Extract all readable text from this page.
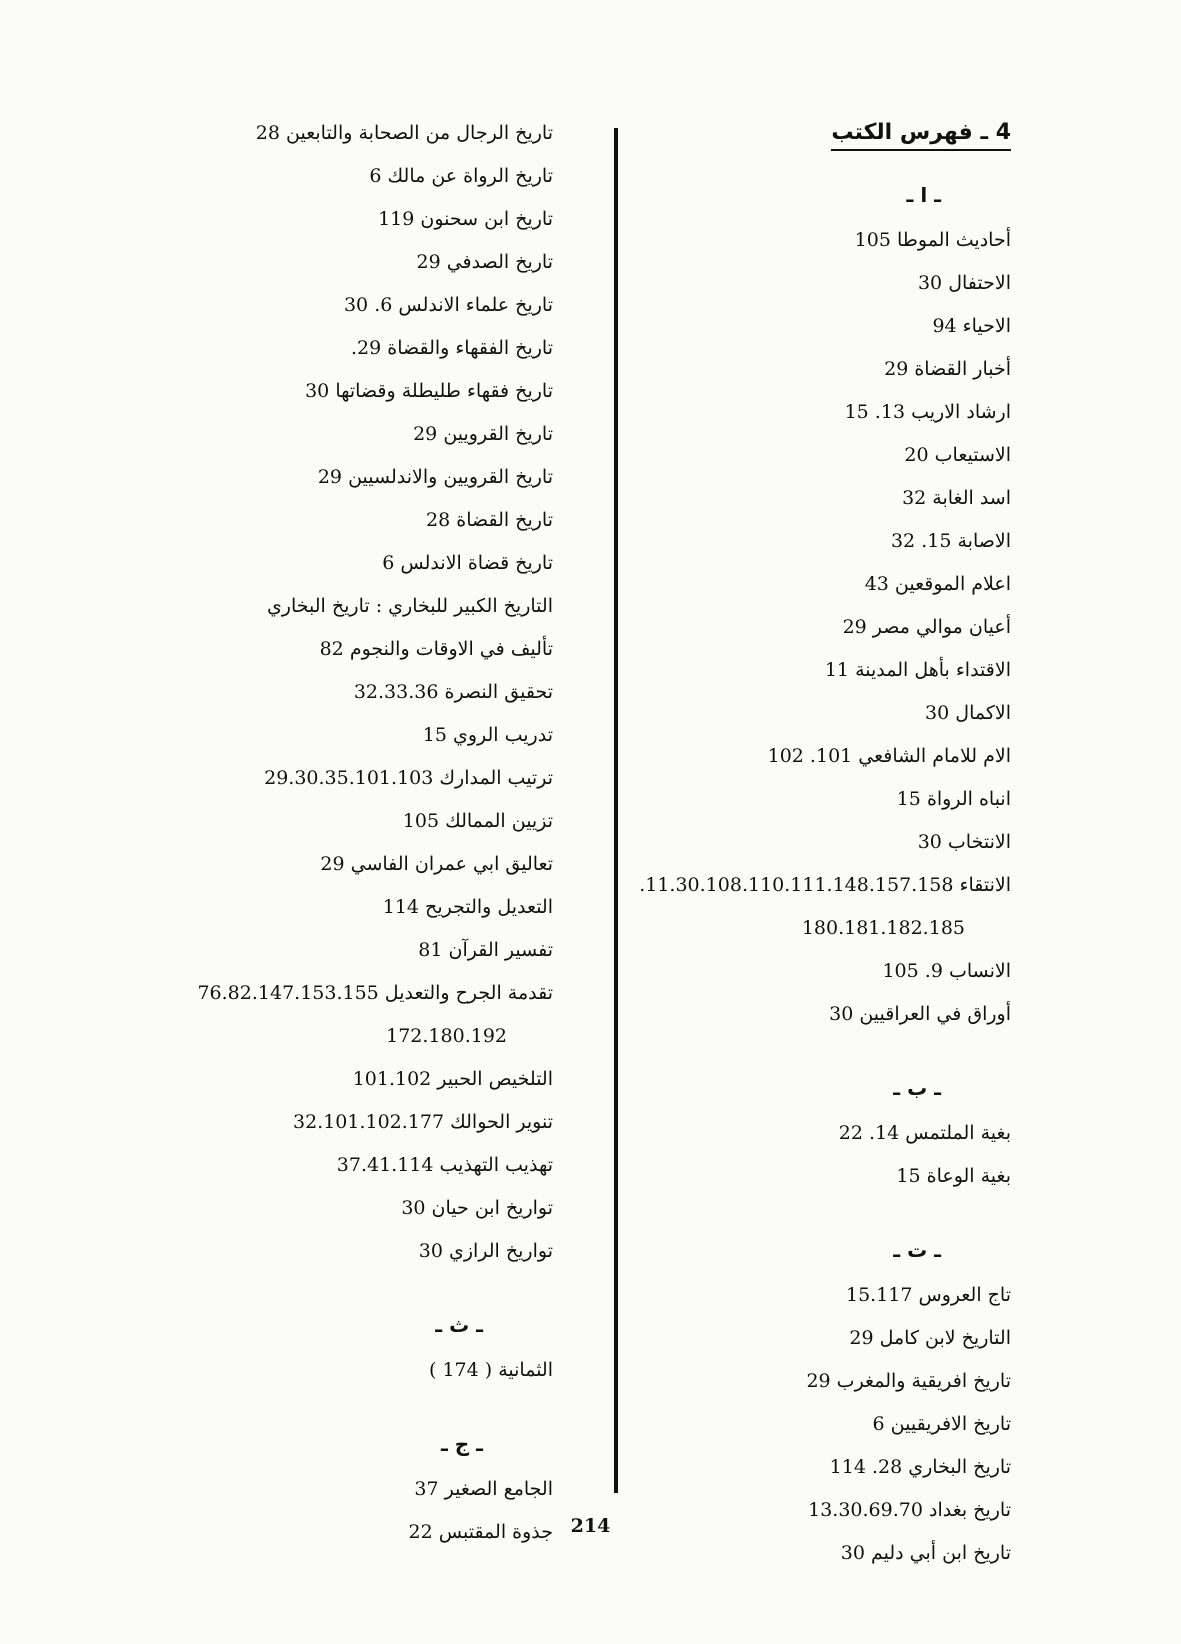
4 ـ فهرس الكتب
ـ ا ـ
أحاديث الموطا 105
الاحتفال 30
الاحياء 94
أخبار القضاة 29
ارشاد الاريب 13. 15
الاستيعاب 20
اسد الغابة 32
الاصابة 15. 32
اعلام الموقعين 43
أعيان موالي مصر 29
الاقتداء بأهل المدينة 11
الاكمال 30
الام للامام الشافعي 101. 102
انباه الرواة 15
الانتخاب 30
الانتقاء 11.30.108.110.111.148.157.158.
180.181.182.185
الانساب 9. 105
أوراق في العراقيين 30
ـ ب ـ
بغية الملتمس 14. 22
بغية الوعاة 15
ـ ت ـ
تاج العروس 15.117
التاريخ لابن كامل 29
تاريخ افريقية والمغرب 29
تاريخ الافريقيين 6
تاريخ البخاري 28. 114
تاريخ بغداد 13.30.69.70
تاريخ ابن أبي دليم 30
تاريخ الرجال من الصحابة والتابعين 28
تاريخ الرواة عن مالك 6
تاريخ ابن سحنون 119
تاريخ الصدفي 29
تاريخ علماء الاندلس 6. 30
تاريخ الفقهاء والقضاة 29.
تاريخ فقهاء طليطلة وقضاتها 30
تاريخ القرويين 29
تاريخ القرويين والاندلسيين 29
تاريخ القضاة 28
تاريخ قضاة الاندلس 6
التاريخ الكبير للبخاري : تاريخ البخاري
تأليف في الاوقات والنجوم 82
تحقيق النصرة 32.33.36
تدريب الروي 15
ترتيب المدارك 29.30.35.101.103
تزيين الممالك 105
تعاليق ابي عمران الفاسي 29
التعديل والتجريح 114
تفسير القرآن 81
تقدمة الجرح والتعديل 76.82.147.153.155
172.180.192
التلخيص الحبير 101.102
تنوير الحوالك 32.101.102.177
تهذيب التهذيب 37.41.114
تواريخ ابن حيان 30
تواريخ الرازي 30
ـ ث ـ
الثمانية ( 174 )
ـ ج ـ
الجامع الصغير 37
جذوة المقتبس 22 214
